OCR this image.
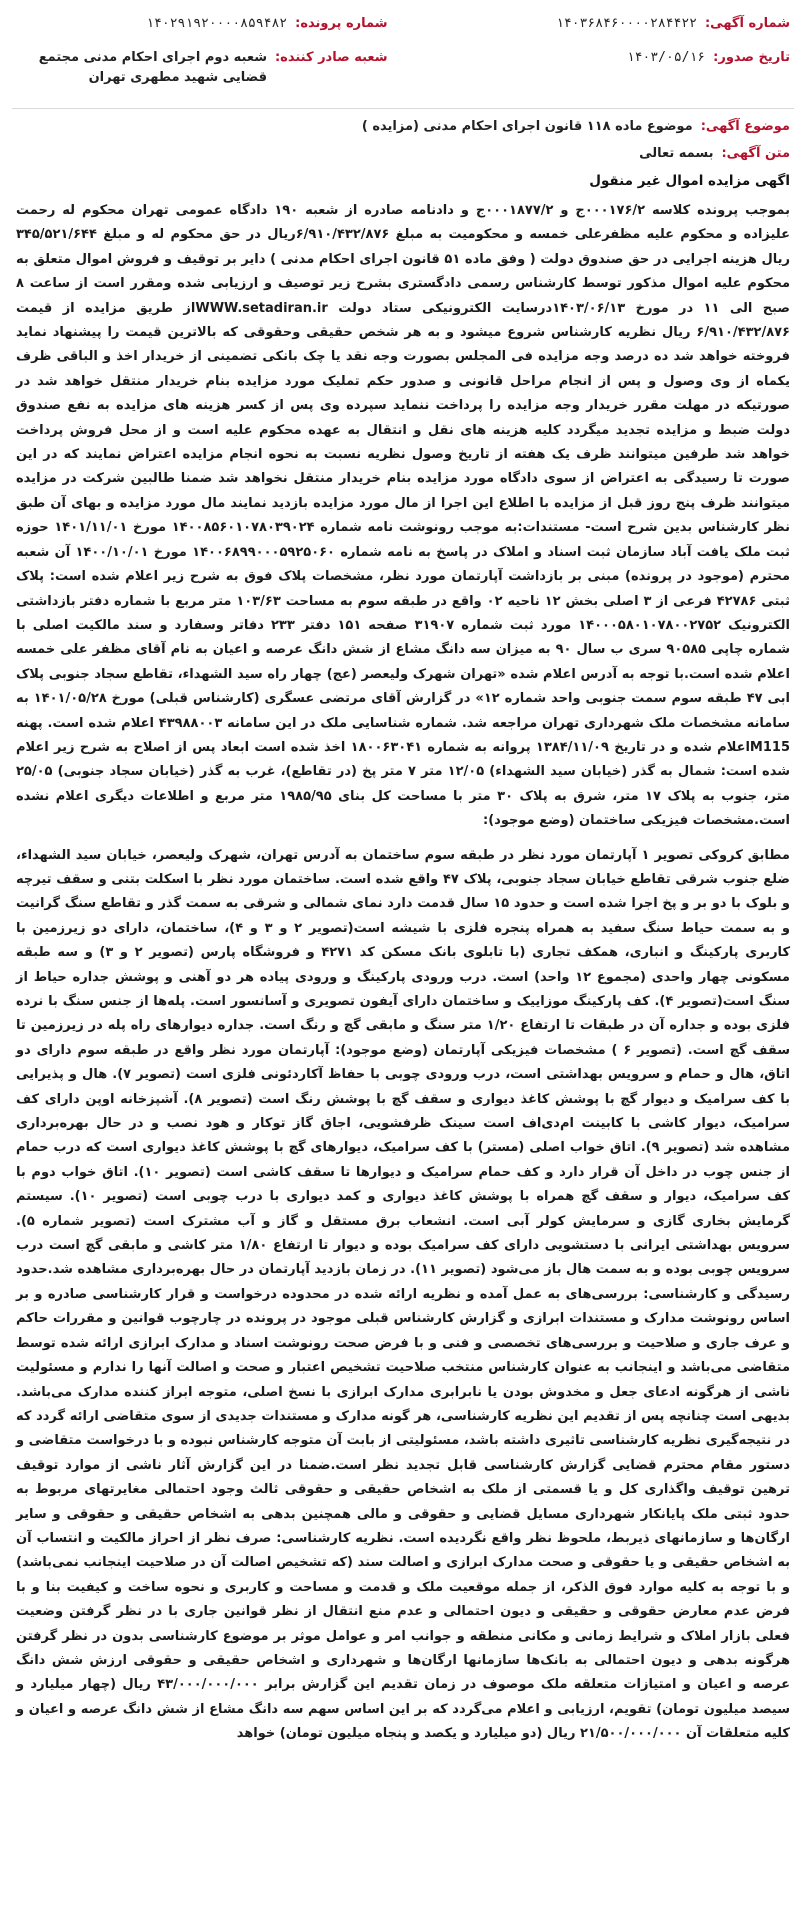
شماره آگهی:
۱۴۰۳۶۸۴۶۰۰۰۰۲۸۴۴۲۲
تاریخ صدور:
۱۴۰۳/۰۵/۱۶
شماره پرونده:
۱۴۰۲۹۱۹۲۰۰۰۰۸۵۹۴۸۲
شعبه صادر کننده:
شعبه دوم اجرای احکام مدنی مجتمع قضایی شهید مطهری تهران
موضوع آگهی:
موضوع ماده ۱۱۸ قانون اجرای احکام مدنی (مزایده )
متن آگهی:
بسمه تعالی
اگهی مزایده اموال غیر منقول

بموجب پرونده کلاسه ۰۰۰۱۷۶/۲ج و ۰۰۰۱۸۷۷/۲ج و دادنامه صادره از شعبه ۱۹۰ دادگاه عمومی تهران محکوم له رحمت علیزاده و محکوم علیه مظفرعلی خمسه و محکومیت به مبلغ ۶/۹۱۰/۴۳۲/۸۷۶ریال در حق محکوم له و مبلغ ۳۴۵/۵۲۱/۶۴۴ ریال هزینه اجرایی در حق صندوق دولت ( وفق ماده ۵۱ قانون اجرای احکام مدنی ) دایر بر توقیف و فروش اموال متعلق به محکوم علیه اموال مذکور توسط کارشناس رسمی دادگستری بشرح زیر توصیف و ارزیابی شده ومقرر است از ساعت ۸ صبح الی ۱۱ در مورخ ۱۴۰۳/۰۶/۱۳درسایت الکترونیکی ستاد دولت WWW.setadiran.irاز طریق مزایده از قیمت ۶/۹۱۰/۴۳۲/۸۷۶ ریال نظریه کارشناس شروع میشود و به هر شخص حقیقی وحقوقی که بالاترین قیمت را پیشنهاد نماید فروخته خواهد شد ده درصد وجه مزایده فی المجلس بصورت وجه نقد یا چک بانکی تضمینی از خریدار اخذ و الباقی ظرف یکماه از وی وصول و پس از انجام مراحل قانونی و صدور حکم تملیک مورد مزایده بنام خریدار منتقل خواهد شد در صورتیکه در مهلت مقرر خریدار وجه مزایده را پرداخت ننماید سپرده وی پس از کسر هزینه های مزایده به نفع صندوق دولت ضبط و مزایده تجدید میگردد کلیه هزینه های نقل و انتقال به عهده محکوم علیه است و از محل فروش پرداخت خواهد شد طرفین میتوانند ظرف یک هفته از تاریخ وصول نظریه نسبت به نحوه انجام مزایده اعتراض نمایند که در این صورت تا رسیدگی به اعتراض از سوی دادگاه مورد مزایده بنام خریدار منتقل نخواهد شد ضمنا طالبین شرکت در مزایده میتوانند ظرف پنج روز قبل از مزایده با اطلاع این اجرا از مال مورد مزایده بازدید نمایند مال مورد مزایده و بهای آن طبق نظر کارشناس بدین شرح است- مستندات:به موجب رونوشت نامه شماره ۱۴۰۰۸۵۶۰۱۰۷۸۰۳۹۰۲۴ مورخ ۱۴۰۱/۱۱/۰۱ حوزه ثبت ملک یافت آباد سازمان ثبت اسناد و املاک در پاسخ به نامه شماره ۱۴۰۰۶۸۹۹۰۰۰۵۹۲۵۰۶۰ مورخ ۱۴۰۰/۱۰/۰۱ آن شعبه محترم (موجود در پرونده) مبنی بر بازداشت آپارتمان مورد نظر، مشخصات پلاک فوق به شرح زیر اعلام شده است: پلاک ثبتی ۴۲۷۸۶ فرعی از ۳ اصلی بخش ۱۲ ناحیه ۰۲ واقع در طبقه سوم به مساحت ۱۰۳/۶۳ متر مربع با شماره دفتر بازداشتی الکترونیک ۱۴۰۰۰۵۸۰۱۰۷۸۰۰۲۷۵۲ مورد ثبت شماره ۳۱۹۰۷ صفحه ۱۵۱ دفتر ۲۳۳ دفاتر وسفارد و سند مالکیت اصلی با شماره چاپی ۹۰۵۸۵ سری ب سال ۹۰ به میزان سه دانگ مشاع از شش دانگ عرصه و اعیان به نام آقای مظفر علی خمسه اعلام شده است.با توجه به آدرس اعلام شده «تهران شهرک ولیعصر (عج) چهار راه سید الشهداء، تقاطع سجاد جنوبی پلاک ابی ۴۷ طبقه سوم سمت جنوبی واحد شماره ۱۲» در گزارش آقای مرتضی عسگری (کارشناس قبلی) مورخ ۱۴۰۱/۰۵/۲۸ به سامانه مشخصات ملک شهرداری تهران مراجعه شد. شماره شناسایی ملک در این سامانه ۴۳۹۸۸۰۰۳ اعلام شده است. پهنه M115اعلام شده و در تاریخ ۱۳۸۴/۱۱/۰۹ پروانه به شماره ۱۸۰۰۶۳۰۴۱ اخذ شده است ابعاد پس از اصلاح به شرح زیر اعلام شده است: شمال به گذر (خیابان سید الشهداء) ۱۲/۰۵ متر ۷ متر پخ (در تقاطع)، غرب به گذر (خیابان سجاد جنوبی) ۲۵/۰۵ متر، جنوب به پلاک ۱۷ متر، شرق به پلاک ۳۰ متر با مساحت کل بنای ۱۹۸۵/۹۵ متر مربع و اطلاعات دیگری اعلام نشده است.مشخصات فیزیکی ساختمان (وضع موجود):

مطابق کروکی تصویر ۱ آپارتمان مورد نظر در طبقه سوم ساختمان به آدرس تهران، شهرک ولیعصر، خیابان سید الشهداء، ضلع جنوب شرقی تقاطع خیابان سجاد جنوبی، پلاک ۴۷ واقع شده است. ساختمان مورد نظر با اسکلت بتنی و سقف تیرچه و بلوک با دو بر و پخ اجرا شده است و حدود ۱۵ سال قدمت دارد نمای شمالی و شرقی به سمت گذر و تقاطع سنگ گرانیت و به سمت حیاط سنگ سفید به همراه پنجره فلزی با شیشه است(تصویر ۲ و ۳ و ۴)، ساختمان، دارای دو زیرزمین با کاربری پارکینگ و انباری، همکف تجاری (با تابلوی بانک مسکن کد ۴۲۷۱ و فروشگاه پارس (تصویر ۲ و ۳) و سه طبقه مسکونی چهار واحدی (مجموع ۱۲ واحد) است. درب ورودی پارکینگ و ورودی پیاده هر دو آهنی و پوشش جداره حیاط از سنگ است(تصویر ۴). کف پارکینگ موزاییک و ساختمان دارای آیفون تصویری و آسانسور است. پله‌ها از جنس سنگ با نرده فلزی بوده و جداره آن در طبقات تا ارتفاع ۱/۲۰ متر سنگ و مابقی گچ و رنگ است. جداره دیوارهای راه پله در زیرزمین تا سقف گچ است. (تصویر ۶ ) مشخصات فیزیکی آپارتمان (وضع موجود): آپارتمان مورد نظر واقع در طبقه سوم دارای دو اتاق، هال و حمام و سرویس بهداشتی است، درب ورودی چوبی با حفاظ آکاردئونی فلزی است (تصویر ۷). هال و پذیرایی با کف سرامیک و دیوار گچ با پوشش کاغذ دیواری و سقف گچ با پوشش رنگ است (تصویر ۸). آشپزخانه اوپن دارای کف سرامیک، دیوار کاشی با کابینت ام‌دی‌اف است سینک ظرفشویی، اجاق گاز توکار و هود نصب و در حال بهره‌برداری مشاهده شد (تصویر ۹). اتاق خواب اصلی (مستر) با کف سرامیک، دیوارهای گچ با پوشش کاغذ دیواری است که درب حمام از جنس چوب در داخل آن قرار دارد و کف حمام سرامیک و دیوارها تا سقف کاشی است (تصویر ۱۰). اتاق خواب دوم با کف سرامیک، دیوار و سقف گچ همراه با پوشش کاغذ دیواری و کمد دیواری با درب چوبی است (تصویر ۱۰). سیستم گرمایش بخاری گازی و سرمایش کولر آبی است. انشعاب برق مستقل و گاز و آب مشترک است (تصویر شماره ۵). سرویس بهداشتی ایرانی با دستشویی دارای کف سرامیک بوده و دیوار تا ارتفاع ۱/۸۰ متر کاشی و مابقی گچ است درب سرویس چوبی بوده و به سمت هال باز می‌شود (تصویر ۱۱). در زمان بازدید آپارتمان در حال بهره‌برداری مشاهده شد.حدود رسیدگی و کارشناسی: بررسی‌های به عمل آمده و نظریه ارائه شده در محدوده درخواست و قرار کارشناسی صادره و بر اساس رونوشت مدارک و مستندات ابرازی و گزارش کارشناس قبلی موجود در پرونده در چارچوب قوانین و مقررات حاکم و عرف جاری و صلاحیت و بررسی‌های تخصصی و فنی و با فرض صحت رونوشت اسناد و مدارک ابرازی ارائه شده توسط متقاضی می‌باشد و اینجانب به عنوان کارشناس منتخب صلاحیت تشخیص اعتبار و صحت و اصالت آنها را ندارم و مسئولیت ناشی از هرگونه ادعای جعل و مخدوش بودن یا نابرابری مدارک ابرازی با نسخ اصلی، متوجه ابراز کننده مدارک می‌باشد. بدیهی است چنانچه پس از تقدیم این نظریه کارشناسی، هر گونه مدارک و مستندات جدیدی از سوی متقاضی ارائه گردد که در نتیجه‌گیری نظریه کارشناسی تاثیری داشته باشد، مسئولیتی از بابت آن متوجه کارشناس نبوده و با درخواست متقاضی و دستور مقام محترم قضایی گزارش کارشناسی قابل تجدید نظر است.ضمنا در این گزارش آثار ناشی از موارد توقیف ترهین توقیف واگذاری کل و یا قسمتی از ملک به اشخاص حقیقی و حقوقی ثالث وجود احتمالی مغایرتهای مربوط به حدود ثبتی ملک پایانکار شهرداری مسایل قضایی و حقوقی و مالی همچنین بدهی به اشخاص حقیقی و حقوقی و سایر ارگان‌ها و سازمانهای ذیربط، ملحوظ نظر واقع نگردیده است. نظریه کارشناسی: صرف نظر از احراز مالکیت و انتساب آن به اشخاص حقیقی و یا حقوقی و صحت مدارک ابرازی و اصالت سند (که تشخیص اصالت آن در صلاحیت اینجانب نمی‌باشد) و با توجه به کلیه موارد فوق الذکر، از جمله موقعیت ملک و قدمت و مساحت و کاربری و نحوه ساخت و کیفیت بنا و با فرض عدم معارض حقوقی و حقیقی و دیون احتمالی و عدم منع انتقال از نظر قوانین جاری با در نظر گرفتن وضعیت فعلی بازار املاک و شرایط زمانی و مکانی منطقه و جوانب امر و عوامل موثر بر موضوع کارشناسی بدون در نظر گرفتن هرگونه بدهی و دیون احتمالی به بانک‌ها سازمانها ارگان‌ها و شهرداری و اشخاص حقیقی و حقوقی ارزش شش دانگ عرصه و اعیان و امتیازات متعلقه ملک موصوف در زمان تقدیم این گزارش برابر ۴۳/۰۰۰/۰۰۰/۰۰۰ ریال (چهار میلیارد و سیصد میلیون تومان) تقویم، ارزیابی و اعلام می‌گردد که بر این اساس سهم سه دانگ مشاع از شش دانگ عرصه و اعیان و کلیه متعلقات آن ۲۱/۵۰۰/۰۰۰/۰۰۰ ریال (دو میلیارد و یکصد و پنجاه میلیون تومان) خواهد
